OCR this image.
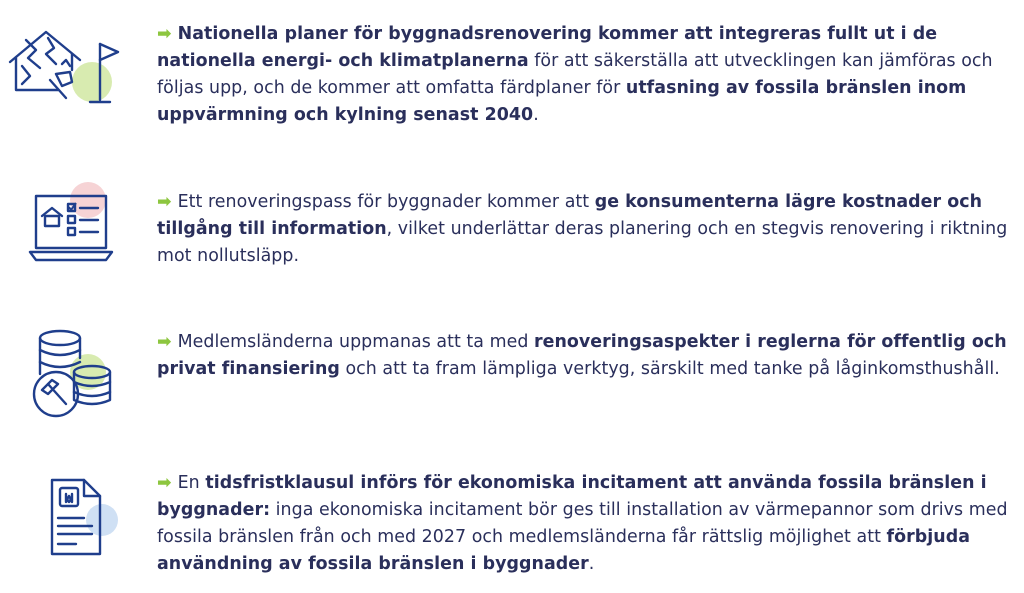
➡ Nationella planer för byggnadsrenovering kommer att integreras fullt ut i de nationella energi- och klimatplanerna för att säkerställa att utvecklingen kan jämföras och följas upp, och de kommer att omfatta färdplaner för utfasning av fossila bränslen inom uppvärmning och kylning senast 2040.
➡ Ett renoveringspass för byggnader kommer att ge konsumenterna lägre kostnader och tillgång till information, vilket underlättar deras planering och en stegvis renovering i riktning mot nollutsläpp.
➡ Medlemsländerna uppmanas att ta med renoveringsaspekter i reglerna för offentlig och privat finansiering och att ta fram lämpliga verktyg, särskilt med tanke på låginkomsthushåll.
➡ En tidsfristklausul införs för ekonomiska incitament att använda fossila bränslen i byggnader: inga ekonomiska incitament bör ges till installation av värmepannor som drivs med fossila bränslen från och med 2027 och medlemsländerna får rättslig möjlighet att förbjuda användning av fossila bränslen i byggnader.
